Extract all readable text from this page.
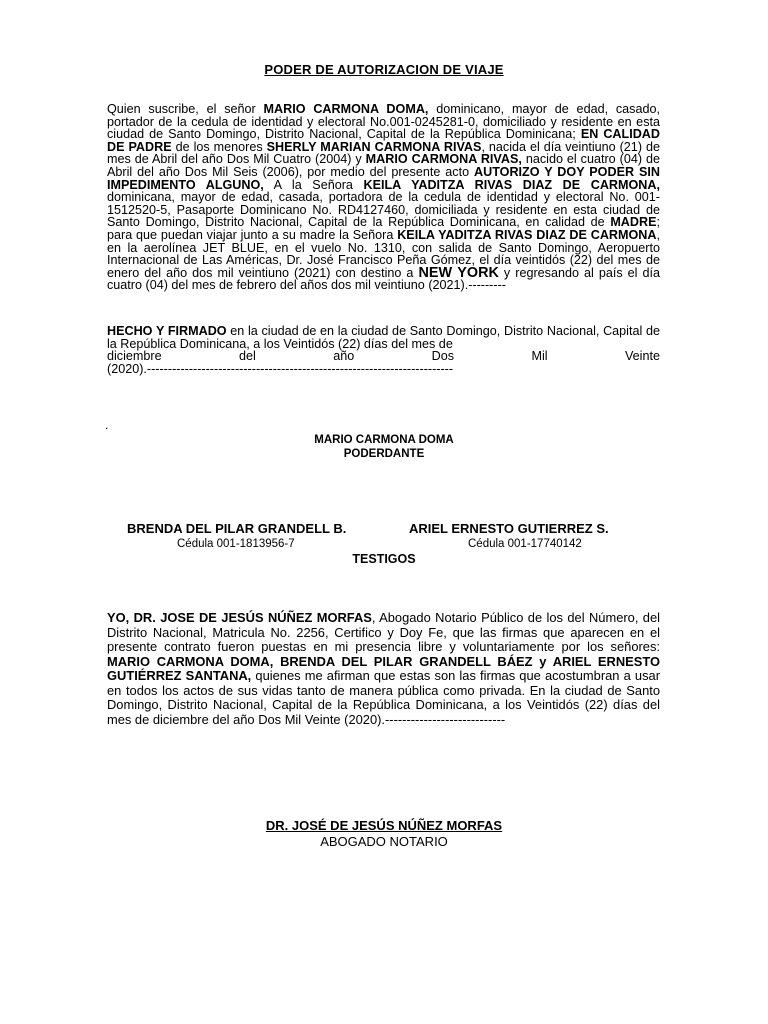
PODER DE AUTORIZACION DE VIAJE
Quien suscribe, el señor MARIO CARMONA DOMA, dominicano, mayor de edad, casado, portador de la cedula de identidad y electoral No.001-0245281-0, domiciliado y residente en esta ciudad de Santo Domingo, Distrito Nacional, Capital de la República Dominicana; EN CALIDAD DE PADRE de los menores SHERLY MARIAN CARMONA RIVAS, nacida el día veintiuno (21) de mes de Abril del año Dos Mil Cuatro (2004) y MARIO CARMONA RIVAS, nacido el cuatro (04) de Abril del año Dos Mil Seis (2006), por medio del presente acto AUTORIZO Y DOY PODER SIN IMPEDIMENTO ALGUNO, A la Señora KEILA YADITZA RIVAS DIAZ DE CARMONA, dominicana, mayor de edad, casada, portadora de la cedula de identidad y electoral No. 001-1512520-5, Pasaporte Dominicano No. RD4127460, domiciliada y residente en esta ciudad de Santo Domingo, Distrito Nacional, Capital de la República Dominicana, en calidad de MADRE; para que puedan viajar junto a su madre la Señora KEILA YADITZA RIVAS DIAZ DE CARMONA, en la aerolínea JET BLUE, en el vuelo No. 1310, con salida de Santo Domingo, Aeropuerto Internacional de Las Américas, Dr. José Francisco Peña Gómez, el día veintidós (22) del mes de enero del año dos mil veintiuno (2021) con destino a NEW YORK y regresando al país el día cuatro (04) del mes de febrero del años dos mil veintiuno (2021).---------
HECHO Y FIRMADO en la ciudad de en la ciudad de Santo Domingo, Distrito Nacional, Capital de la República Dominicana, a los Veintidós (22) días del mes de
diciembre	del	año	Dos	Mil	Veinte
(2020).-------------------------------------------------------------------------
.
MARIO CARMONA DOMA
PODERDANTE
BRENDA DEL PILAR GRANDELL B.	ARIEL ERNESTO GUTIERREZ S.
Cédula 001-1813956-7	Cédula 001-17740142
TESTIGOS
YO, DR. JOSE DE JESÚS NÚÑEZ MORFAS, Abogado Notario Público de los del Número, del Distrito Nacional, Matricula No. 2256, Certifico y Doy Fe, que las firmas que aparecen en el presente contrato fueron puestas en mi presencia libre y voluntariamente por los señores: MARIO CARMONA DOMA, BRENDA DEL PILAR GRANDELL BÁEZ y ARIEL ERNESTO GUTIÉRREZ SANTANA, quienes me afirman que estas son las firmas que acostumbran a usar en todos los actos de sus vidas tanto de manera pública como privada. En la ciudad de Santo Domingo, Distrito Nacional, Capital de la República Dominicana, a los Veintidós (22) días del mes de diciembre del año Dos Mil Veinte (2020).----------------------------
DR. JOSÉ DE JESÚS NÚÑEZ MORFAS
ABOGADO NOTARIO
